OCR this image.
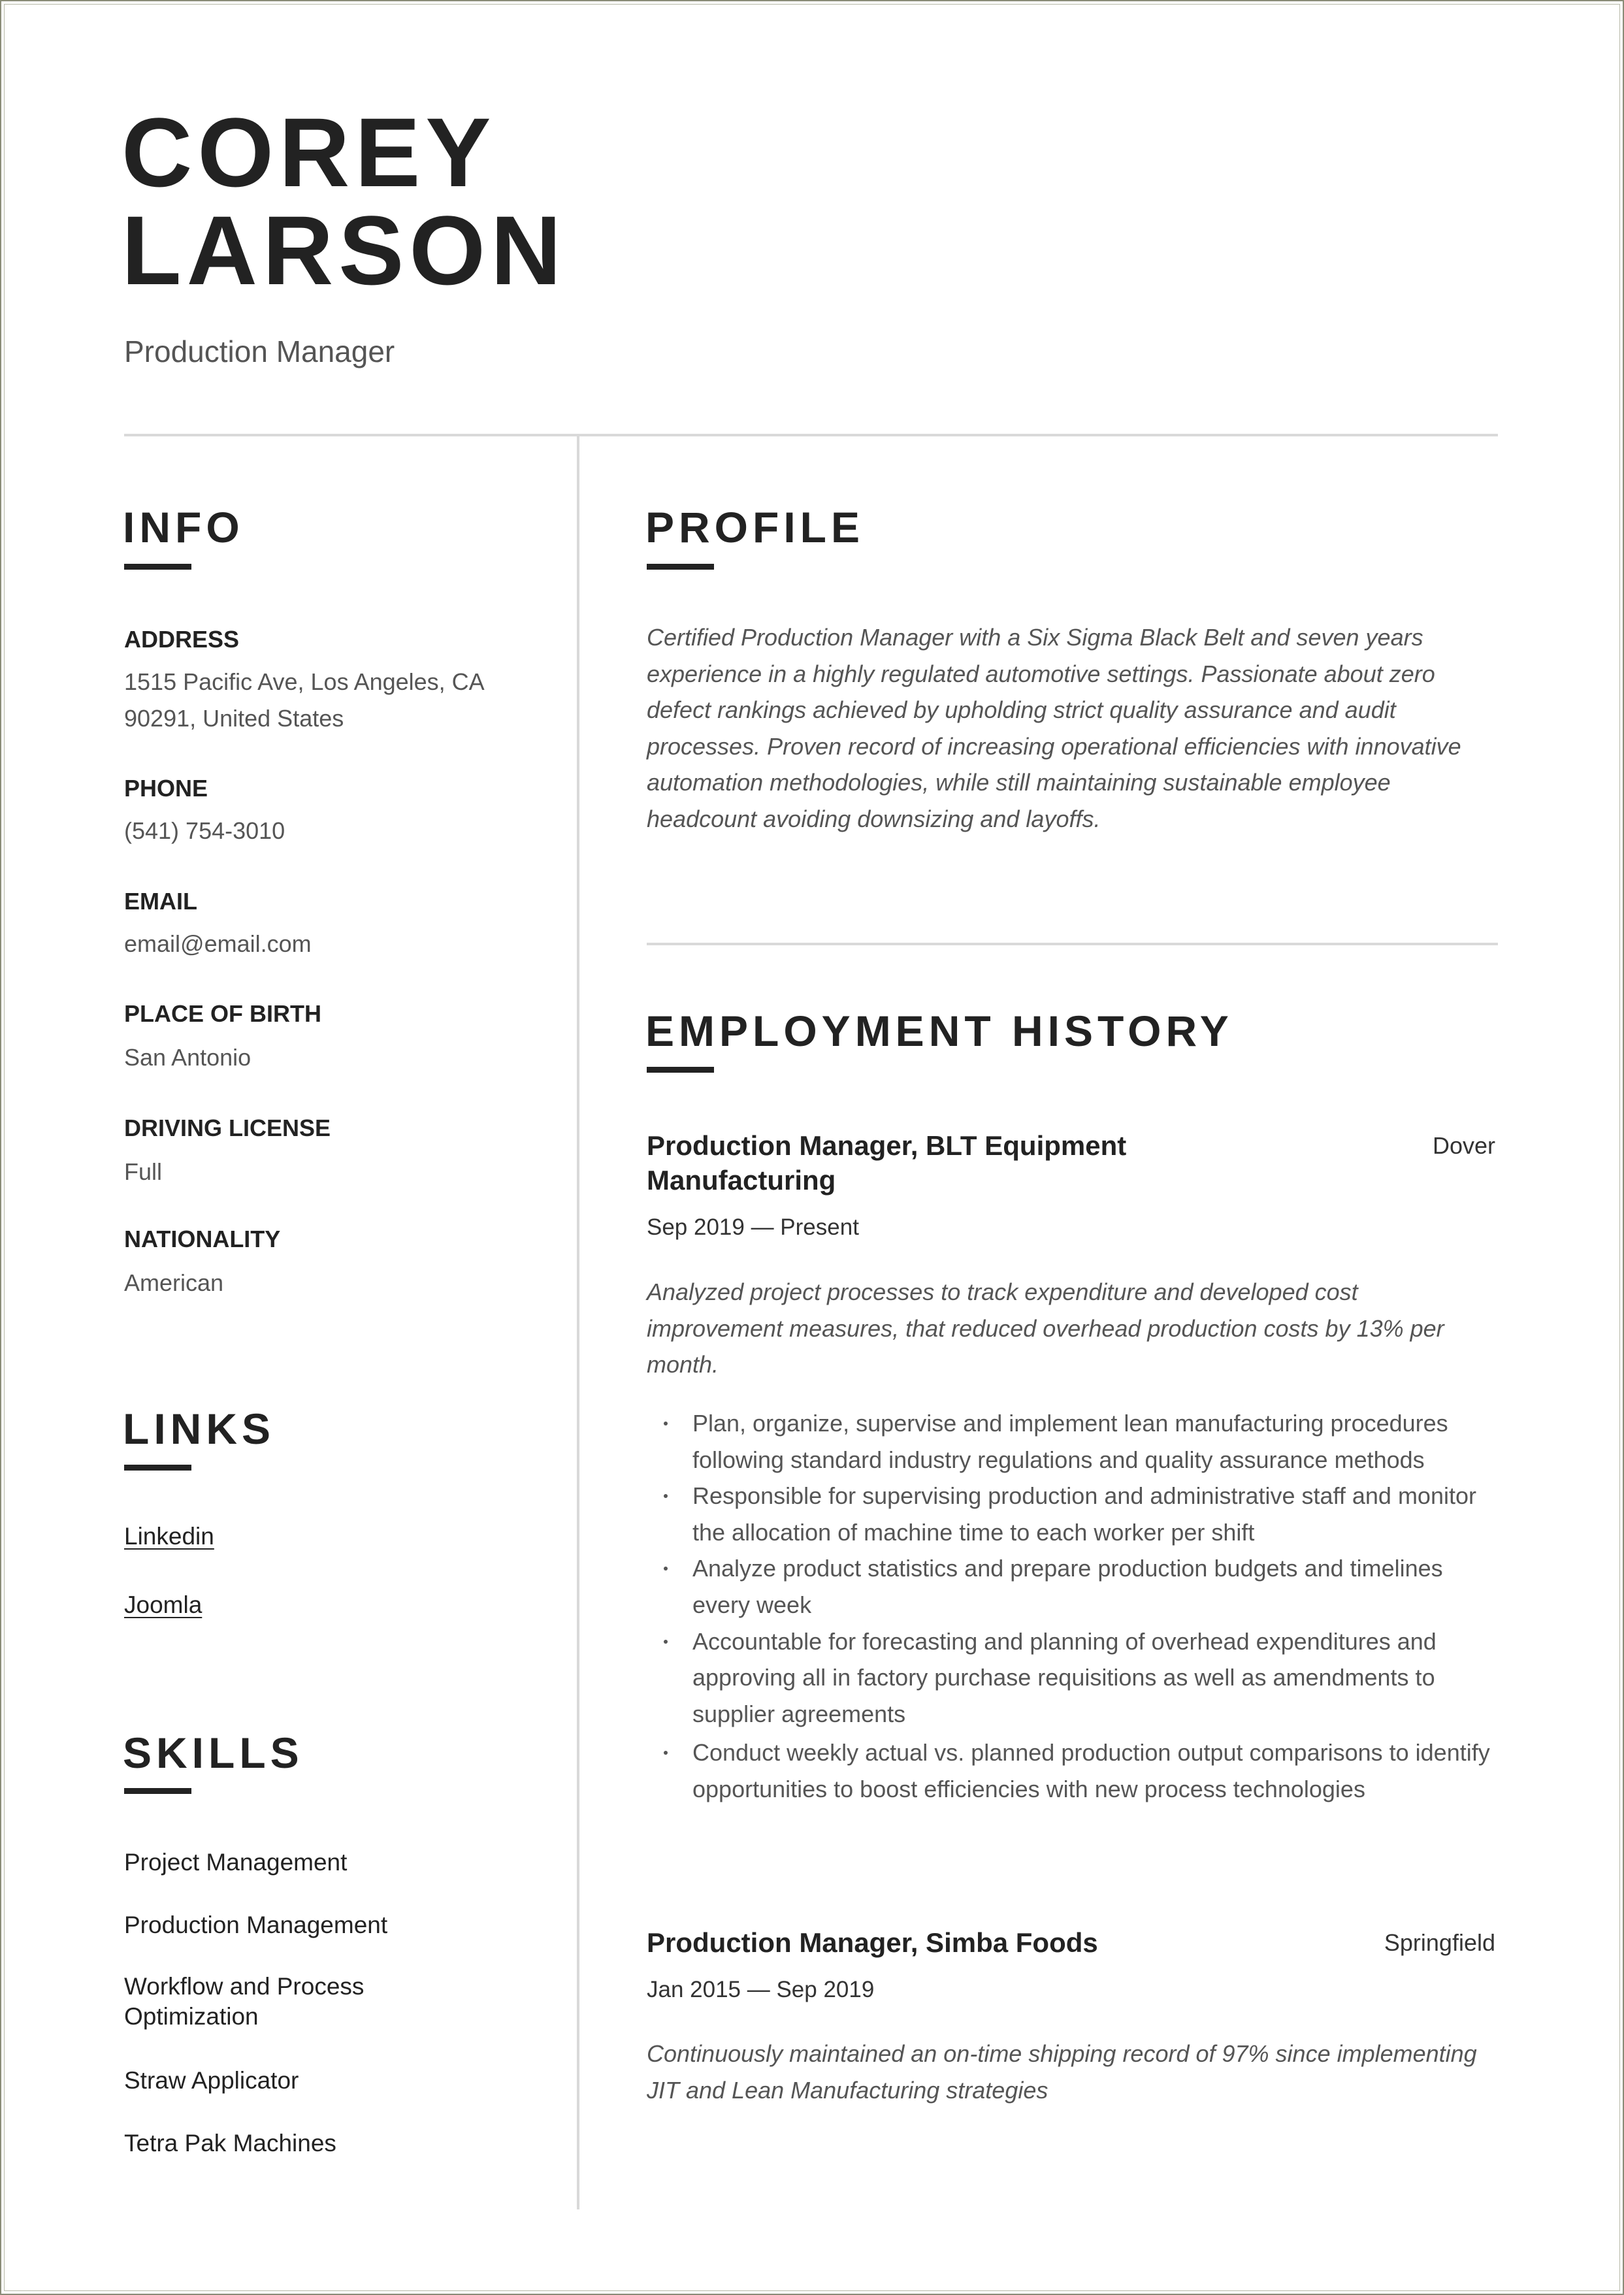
COREY
LARSON
Production Manager
INFO
ADDRESS
1515 Pacific Ave, Los Angeles, CA 90291, United States
PHONE
(541) 754-3010
EMAIL
email@email.com
PLACE OF BIRTH
San Antonio
DRIVING LICENSE
Full
NATIONALITY
American
LINKS
Linkedin
Joomla
SKILLS
Project Management
Production Management
Workflow and Process Optimization
Straw Applicator
Tetra Pak Machines
PROFILE
Certified Production Manager with a Six Sigma Black Belt and seven years experience in a highly regulated automotive settings. Passionate about zero defect rankings achieved by upholding strict quality assurance and audit processes. Proven record of increasing operational efficiencies with innovative automation methodologies, while still maintaining sustainable employee headcount avoiding downsizing and layoffs.
EMPLOYMENT HISTORY
Production Manager, BLT Equipment Manufacturing
Dover
Sep 2019 — Present
Analyzed project processes to track expenditure and developed cost improvement measures, that reduced overhead production costs by 13% per month.
Plan, organize, supervise and implement lean manufacturing procedures following standard industry regulations and quality assurance methods
Responsible for supervising production and administrative staff and monitor the allocation of machine time to each worker per shift
Analyze product statistics and prepare production budgets and timelines every week
Accountable for forecasting and planning of overhead expenditures and approving all in factory purchase requisitions as well as amendments to supplier agreements
Conduct weekly actual vs. planned production output comparisons to identify opportunities to boost efficiencies with new process technologies
Production Manager, Simba Foods	Springfield
Jan 2015 — Sep 2019
Continuously maintained an on-time shipping record of 97% since implementing JIT and Lean Manufacturing strategies
